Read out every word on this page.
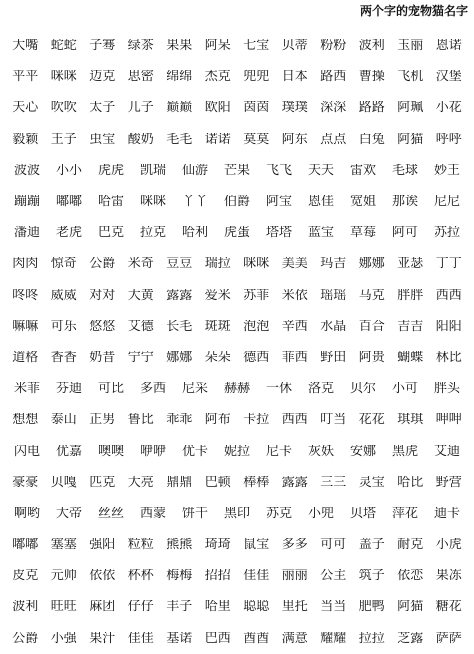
两个字的宠物猫名字
大嘴 蛇蛇 子骞 绿茶 果果 阿呆 七宝 贝蒂 粉粉 波利 玉丽 恩诺
平平 咪咪 迈克 思密 绵绵 杰克 兜兜 日本 路西 曹操 飞机 汉堡
天心 吹吹 太子 儿子 巅巅 欧阳 茵茵 璞璞 深深 路路 阿珮 小花
毅颖 王子 虫宝 酸奶 毛毛 诺诺 莫莫 阿东 点点 白兔 阿猫 呼呼
波波	小小	虎虎	凯瑞	仙游	芒果	飞飞	天天	雷欢	毛球	妙王
蹦蹦	嘟嘟	哈雷	咪咪	丫丫	伯爵	阿宝	恩佳	宽姐	那诶	尼尼
潘迪	老虎	巴克	拉克	哈利	虎蛋	塔塔	蓝宝	草莓	阿可	苏拉
肉肉 惊奇 公爵 米奇 豆豆 瑞拉 咪咪 美美 玛吉 娜娜 亚瑟 丁丁
咚咚 威威 对对 大黄 露露 爱米 苏菲 米依 瑶瑶 马克 胖胖 西西
嘛嘛 可乐 悠悠 艾德 长毛 斑斑 泡泡 辛西 水晶 百合 吉吉 阳阳
道格 香香 奶昔 宁宁 娜娜 朵朵 德西 菲西 野田 阿贵 蝴蝶 林比
米菲	芬迪	可比	多西	尼采	赫赫	一休	洛克	贝尔	小可	胖头
想想 泰山 正男 鲁比 乖乖 阿布 卡拉 西西 叮当 花花 琪琪 呷呷
闪电	优嘉	噢噢	咿咿	优卡	妮拉	尼卡	灰妖	安娜	黑虎	艾迪
豪豪 贝嘎 匹克 大亮 鼎鼎 巴顿 棒棒 露露 三三 灵宝 哈比 野营
啊哟	大帝	丝丝	西蒙	饼干	黑印	苏克	小兜	贝塔	萍花	迪卡
嘟嘟 塞塞 强阳 粒粒 熊熊 琦琦 鼠宝 多多 可可 盖子 耐克 小虎
皮克 元帅 依依 杯杯 梅梅 招招 佳佳 丽丽 公主 筑子 依恋 果冻
波利 旺旺 麻团 仔仔 丰子 哈里 聪聪 里托 当当 肥鸭 阿猫 糖花
公爵 小强 果汁 佳佳 基诺 巴西 酋酋 满意 耀耀 拉拉 芝露 萨萨
